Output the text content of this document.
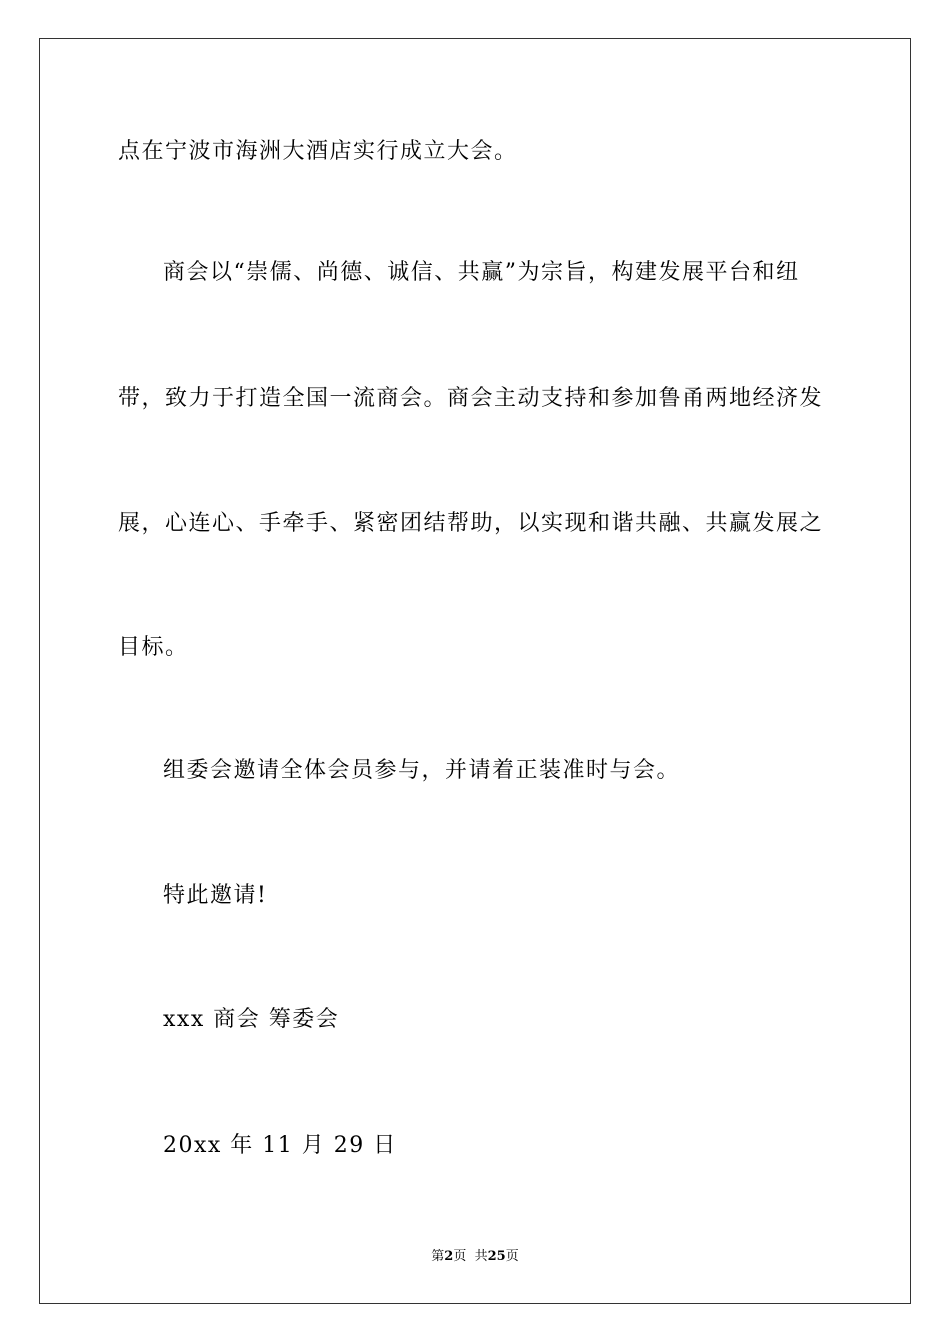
点在宁波市海洲大酒店实行成立大会。

商会以“崇儒、尚德、诚信、共赢”为宗旨，构建发展平台和纽

带，致力于打造全国一流商会。商会主动支持和参加鲁甬两地经济发

展，心连心、手牵手、紧密团结帮助，以实现和谐共融、共赢发展之

目标。

组委会邀请全体会员参与，并请着正装准时与会。

特此邀请!

xxx 商会 筹委会

20xx 年 11 月 29 日

第2页  共25页
